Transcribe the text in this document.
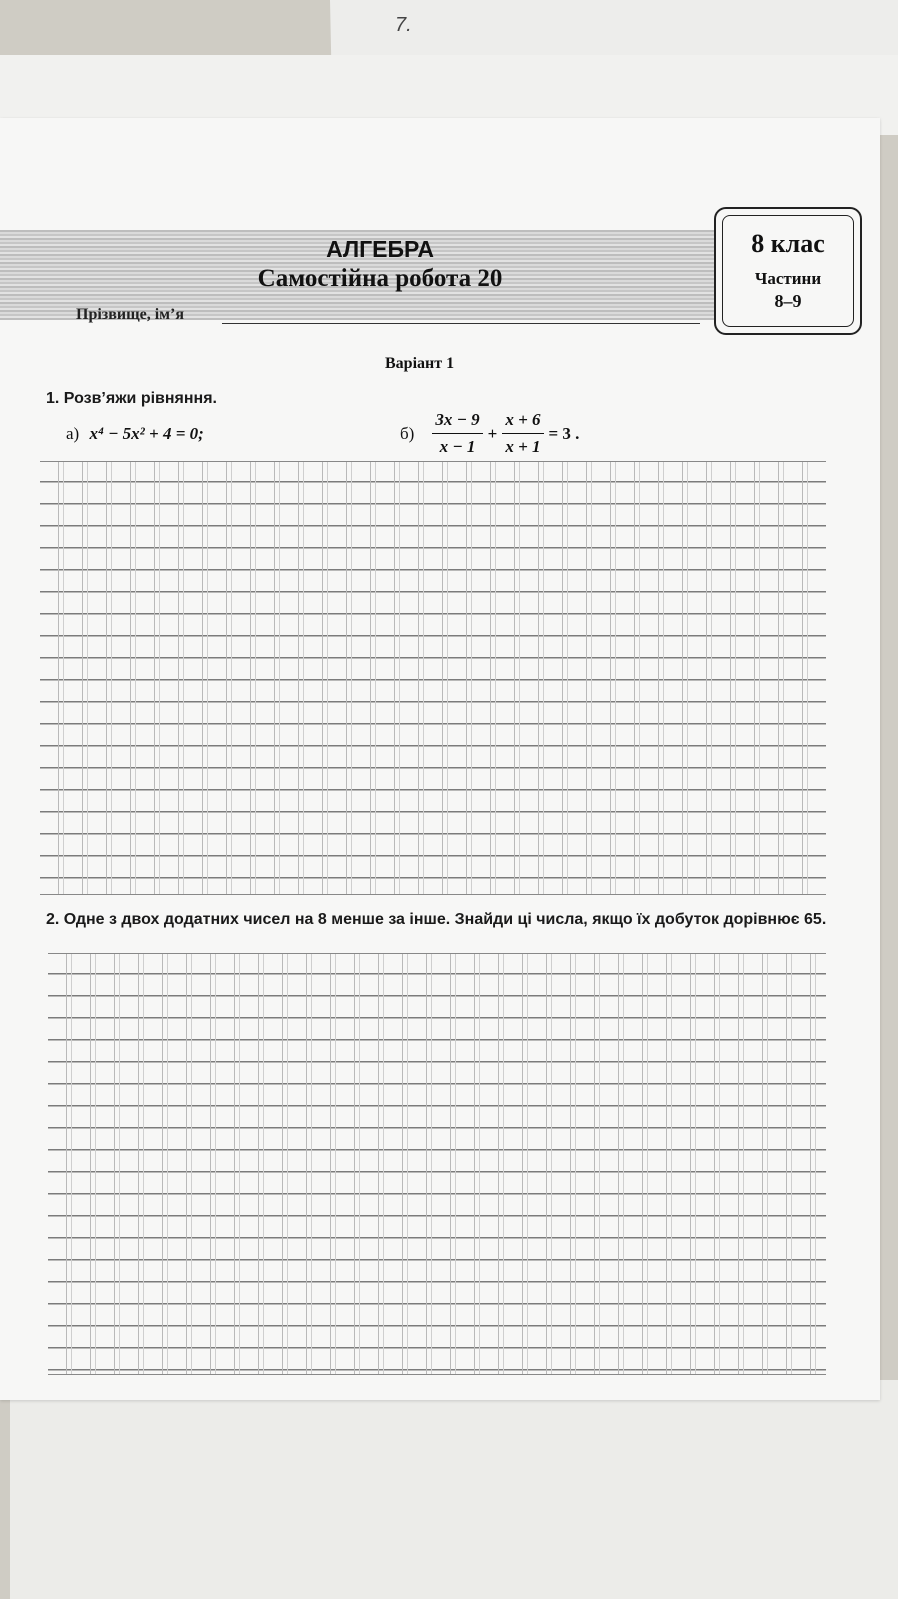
7.
АЛГЕБРА
Самостійна робота 20
Прізвище, ім’я
8 клас
Частини
8–9
Варіант 1
1. Розв’яжи рівняння.
а) x⁴ − 5x² + 4 = 0;	$б) \frac{3x - 9}{x - 1} + \frac{x + 6}{x + 1} = 3$ .
2. Одне з двох додатних чисел на 8 менше за інше. Знайди ці числа, якщо їх добуток дорівнює 65.
